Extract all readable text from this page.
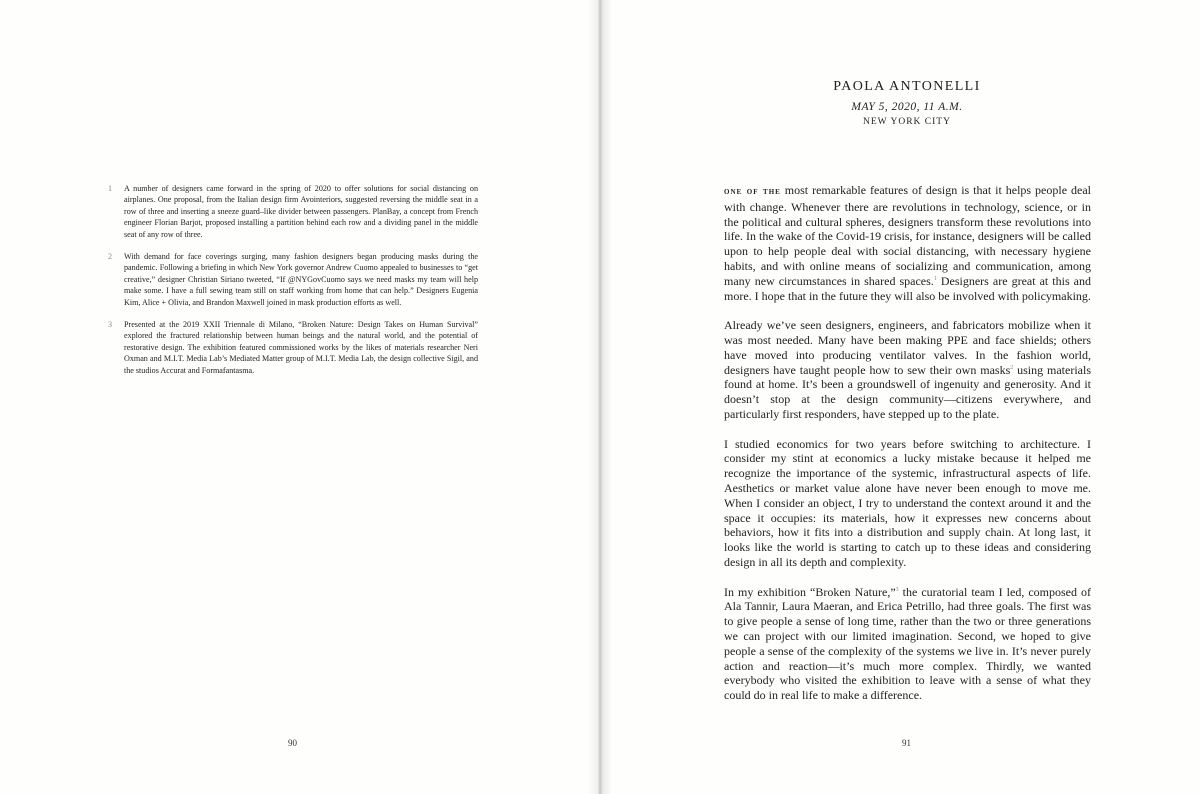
1 A number of designers came forward in the spring of 2020 to offer solutions for social distancing on airplanes. One proposal, from the Italian design firm Avointeriors, suggested reversing the middle seat in a row of three and inserting a sneeze guard–like divider between passengers. PlanBay, a concept from French engineer Florian Barjot, proposed installing a partition behind each row and a dividing panel in the middle seat of any row of three.
2 With demand for face coverings surging, many fashion designers began producing masks during the pandemic. Following a briefing in which New York governor Andrew Cuomo appealed to businesses to “get creative,” designer Christian Siriano tweeted, “If @NYGovCuomo says we need masks my team will help make some. I have a full sewing team still on staff working from home that can help.” Designers Eugenia Kim, Alice + Olivia, and Brandon Maxwell joined in mask production efforts as well.
3 Presented at the 2019 XXII Triennale di Milano, “Broken Nature: Design Takes on Human Survival” explored the fractured relationship between human beings and the natural world, and the potential of restorative design. The exhibition featured commissioned works by the likes of materials researcher Neri Oxman and M.I.T. Media Lab’s Mediated Matter group of M.I.T. Media Lab, the design collective Sigil, and the studios Accurat and Formafantasma.
90
PAOLA ANTONELLI
MAY 5, 2020, 11 A.M.
NEW YORK CITY

one of the most remarkable features of design is that it helps people deal with change. Whenever there are revolutions in technology, science, or in the political and cultural spheres, designers transform these revolutions into life. In the wake of the Covid-19 crisis, for instance, designers will be called upon to help people deal with social distancing, with necessary hygiene habits, and with online means of socializing and communication, among many new circumstances in shared spaces.$^1$ Designers are great at this and more. I hope that in the future they will also be involved with policymaking.

Already we’ve seen designers, engineers, and fabricators mobilize when it was most needed. Many have been making PPE and face shields; others have moved into producing ventilator valves. In the fashion world, designers have taught people how to sew their own masks$^2$ using materials found at home. It’s been a groundswell of ingenuity and generosity. And it doesn’t stop at the design community—citizens everywhere, and particularly first responders, have stepped up to the plate.

I studied economics for two years before switching to architecture. I consider my stint at economics a lucky mistake because it helped me recognize the importance of the systemic, infrastructural aspects of life. Aesthetics or market value alone have never been enough to move me. When I consider an object, I try to understand the context around it and the space it occupies: its materials, how it expresses new concerns about behaviors, how it fits into a distribution and supply chain. At long last, it looks like the world is starting to catch up to these ideas and considering design in all its depth and complexity.

In my exhibition “Broken Nature,”$^3$ the curatorial team I led, composed of Ala Tannir, Laura Maeran, and Erica Petrillo, had three goals. The first was to give people a sense of long time, rather than the two or three generations we can project with our limited imagination. Second, we hoped to give people a sense of the complexity of the systems we live in. It’s never purely action and reaction—it’s much more complex. Thirdly, we wanted everybody who visited the exhibition to leave with a sense of what they could do in real life to make a difference.

91
